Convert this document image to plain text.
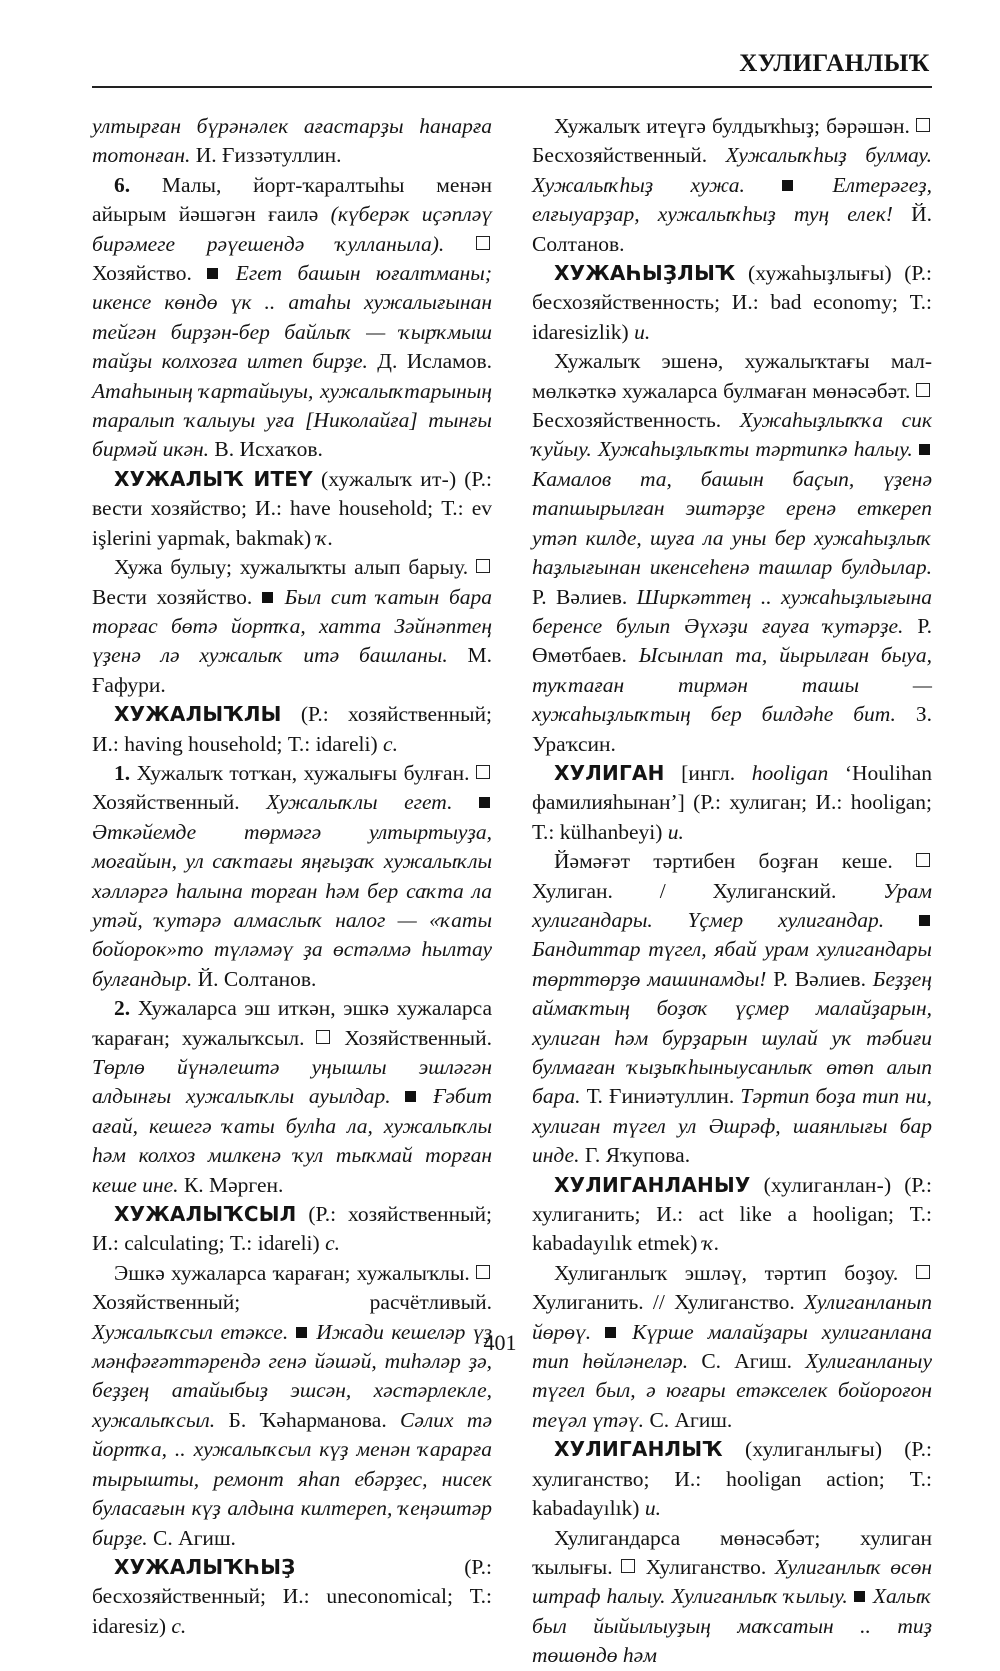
ХУЛИГАНЛЫҠ

ултырған бүрәнәлек ағастарҙы һанарға тотонған. И. Ғиззәтуллин.

6. Малы, йорт-ҡаралтыһы менән айырым йәшәгән ғаилә (күберәк иҫәпләү бирәмеге рәүешендә ҡулланыла).  Хозяйство.  Егет башын юғалтманы; икенсе көндө үк .. атаһы хужалығынан тейгән бирҙән-бер байлыҡ — ҡырҡмыш тайҙы колхозға илтеп бирҙе. Д. Исламов. Атаһының ҡартайыуы, хужалыҡтарының таралып ҡалыуы уға [Николайға] тынғы бирмәй икән. В. Исхаҡов.

ХУЖАЛЫҠ ИТЕҮ (хужалыҡ ит-) (Р.: вести хозяйство; И.: have household; Т.: ev işlerini yapmak, bakmak) ҡ.

Хужа булыу; хужалыҡты алып барыу.  Вести хозяйство.  Был сит ҡатын бара торғас бөтә йортҡа, хатта Зәйнәптең үҙенә лә хужалыҡ итә башланы. М. Ғафури.

ХУЖАЛЫҠЛЫ (Р.: хозяйственный; И.: having household; Т.: idareli) с.

1. Хужалыҡ тотҡан, хужалығы булған.  Хозяйственный. Хужалыҡлы егет.  Әткәйемде төрмәгә ултыртыуҙа, моғайын, ул саҡтағы яңғыҙаҡ хужалыҡлы хәлләргә һалына торған һәм бер саҡта ла утәй, ҡутәрә алмаслыҡ налог — «ҡаты бойорок»то түләмәү ҙа өстәлмә һылтау булғандыр. Й. Солтанов.

2. Хужаларса эш иткән, эшкә хужаларса ҡараған; хужалыҡсыл.  Хозяйственный. Төрлө йүнәлештә уңышлы эшләгән алдынғы хужалыҡлы ауылдар. Ғәбит ағай, кешегә ҡаты булһа ла, хужалыҡлы һәм колхоз милкенә ҡул тыҡмай торған кеше ине. К. Мәрген.

ХУЖАЛЫҠСЫЛ (Р.: хозяйственный; И.: calculating; Т.: idareli) с.

Эшкә хужаларса ҡараған; хужалыҡлы.  Хозяйственный; расчётливый. Хужалыҡсыл етәксе. Ижади кешеләр үҙ мәнфәғәттәрендә генә йәшәй, тиһәләр ҙә, беҙҙең атайыбыҙ эшсән, хәстәрлекле, хужалыҡсыл. Б. Ҡәһарманова. Сәлих тә йортҡа, .. хужалыҡсыл күҙ менән ҡарарға тырышты, ремонт яһап ебәрҙес, нисек буласағын күҙ алдына килтереп, ҡеңәштәр бирҙе. С. Агиш.

ХУЖАЛЫҠҺЫҘ (Р.: бесхозяйственный; И.: uneconomical; Т.: idaresiz) с.

Хужалыҡ итеүгә булдыҡһыҙ; бәрәшән.  Бесхозяйственный. Хужалыҡһыҙ булмау. Хужалыҡһыҙ хужа.	Елтерәгеҙ, елғыуарҙар, хужалыҡһыҙ туң елек! Й. Солтанов.

ХУЖАҺЫҘЛЫҠ (хужаһыҙлығы) (Р.: бесхозяйственность; И.: bad economy; Т.: idaresizlik) и.

Хужалыҡ эшенә, хужалыҡтағы мал-мөлкәткә хужаларса булмаған мөнәсәбәт.  Бесхозяйственность. Хужаһыҙлыҡҡа сик ҡуйыу. Хужаһыҙлыҡты тәртипкә һалыу.  Камалов та, башын баҫып, үҙенә тапшырылған эштәрҙе еренә еткереп утәп килде, шуға ла уны бер хужаһыҙлыҡ һаҙлығынан икенсеһенә ташлар булдылар. Р. Вәлиев. Ширкәттең .. хужаһыҙлығына беренсе булып Әүхәҙи ғауға ҡутәрҙе. Р. Өмөтбаев. Ысынлап та, йырылған быуа, туҡтаған тирмән ташы — хужаһыҙлыҡтың бер билдәһе бит. З. Ураҡсин.

ХУЛИГАН [ингл. hooligan ‘Houlihan фамилияһынан’] (Р.: хулиган; И.: hooligan; Т.: külhanbeyi) и.

Йәмәғәт тәртибен боҙған кеше.  Хулиган. / Хулиганский. Урам хулигандары. Үҫмер хулигандар.  Бандиттар түгел, ябай урам хулигандары төрттөрҙө машинамды! Р. Вәлиев. Беҙҙең аймаҡтың боҙоҡ үҫмер малайҙарын, хулиган һәм бурҙарын шулай уҡ тәбиғи булмаған ҡыҙыҡһыныусанлыҡ өтөп алып бара. Т. Ғиниәтуллин. Тәртип боҙа тип ни, хулиган түгел ул Әшрәф, шаянлығы бар инде. Г. Яҡупова.

ХУЛИГАНЛАНЫУ (хулиганлан-) (Р.: хулиганить; И.: act like a hooligan; Т.: kabadayılık etmek) ҡ.

Хулиганлыҡ эшләү, тәртип боҙоу.  Хулиганить. // Хулиганство. Хулиганланып йөрөү. Күрше малайҙары хулиганлана тип һөйләнеләр. С. Агиш. Хулиганланыу түгел был, ә юғары етәкселек бойороғон теүәл үтәү. С. Агиш.

ХУЛИГАНЛЫҠ (хулиганлығы) (Р.: хулиганство; И.: hooligan action; Т.: kabadayılık) и.

Хулигандарса мөнәсәбәт; хулиган ҡылығы.  Хулиганство. Хулиганлыҡ өсөн штраф һалыу. Хулиганлыҡ ҡылыу. Халыҡ был йыйылыуҙың маҡсатын .. тиҙ төшөндө һәм

401
